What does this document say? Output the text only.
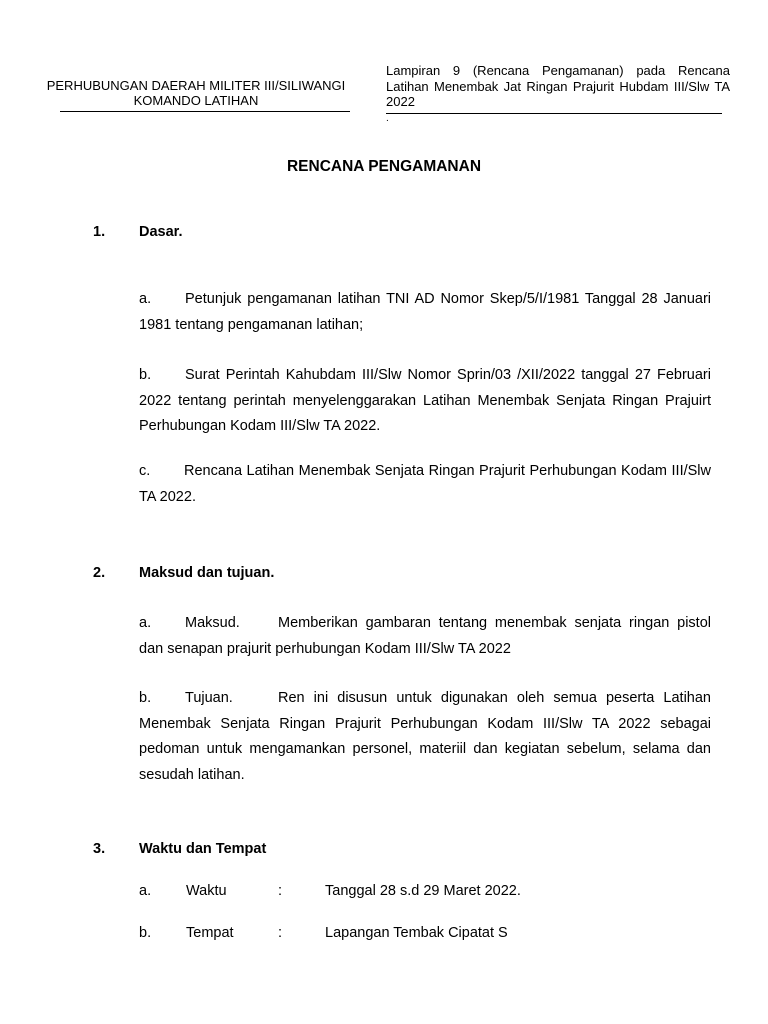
PERHUBUNGAN DAERAH MILITER III/SILIWANGI
KOMANDO LATIHAN
Lampiran 9 (Rencana Pengamanan) pada Rencana Latihan Menembak Jat Ringan Prajurit Hubdam III/Slw TA 2022
.
RENCANA PENGAMANAN
1. Dasar.
a. Petunjuk pengamanan latihan TNI AD Nomor Skep/5/I/1981 Tanggal 28 Januari 1981 tentang pengamanan latihan;
b. Surat Perintah Kahubdam III/Slw Nomor Sprin/03 /XII/2022 tanggal 27 Februari 2022 tentang perintah menyelenggarakan Latihan Menembak Senjata Ringan Prajuirt Perhubungan Kodam III/Slw TA 2022.
c. Rencana Latihan Menembak Senjata Ringan Prajurit Perhubungan Kodam III/Slw TA 2022.
2. Maksud dan tujuan.
a. Maksud.	Memberikan gambaran tentang menembak senjata ringan pistol dan senapan prajurit perhubungan Kodam III/Slw TA 2022
b. Tujuan.	Ren ini disusun untuk digunakan oleh semua peserta Latihan Menembak Senjata Ringan Prajurit Perhubungan Kodam III/Slw TA 2022 sebagai pedoman untuk mengamankan personel, materiil dan kegiatan sebelum, selama dan sesudah latihan.
3. Waktu dan Tempat
a. Waktu	:	Tanggal 28 s.d 29 Maret 2022.
b. Tempat	:	Lapangan Tembak Cipatat S
